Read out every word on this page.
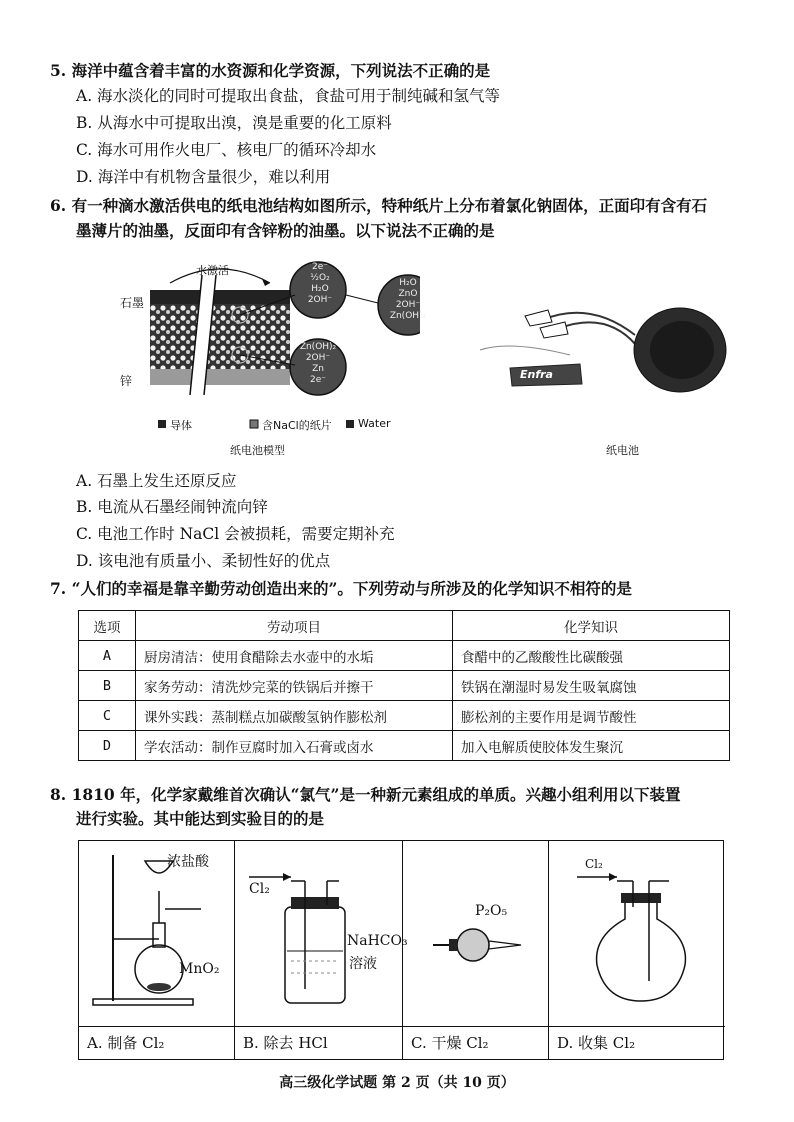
5. 海洋中蕴含着丰富的水资源和化学资源，下列说法不正确的是
A. 海水淡化的同时可提取出食盐，食盐可用于制纯碱和氢气等
B. 从海水中可提取出溴，溴是重要的化工原料
C. 海水可用作火电厂、核电厂的循环冷却水
D. 海洋中有机物含量很少，难以利用
6. 有一种滴水激活供电的纸电池结构如图所示，特种纸片上分布着氯化钠固体，正面印有含有石
墨薄片的油墨，反面印有含锌粉的油墨。以下说法不正确的是
水激活
石墨
锌
2e⁻
½O₂
H₂O
2OH⁻
H₂O
ZnO
2OH⁻
Zn(OH)₂
Zn(OH)₂
2OH⁻
Zn
2e⁻
导体	含NaCl的纸片 Water
纸电池模型
Enfra
纸电池
A. 石墨上发生还原反应
B. 电流从石墨经闹钟流向锌
C. 电池工作时 NaCl 会被损耗，需要定期补充
D. 该电池有质量小、柔韧性好的优点
7. “人们的幸福是靠辛勤劳动创造出来的”。下列劳动与所涉及的化学知识不相符的是
选项	劳动项目	化学知识
A	厨房清洁：使用食醋除去水壶中的水垢	食醋中的乙酸酸性比碳酸强
B	家务劳动：清洗炒完菜的铁锅后并擦干	铁锅在潮湿时易发生吸氧腐蚀
C	课外实践：蒸制糕点加碳酸氢钠作膨松剂	膨松剂的主要作用是调节酸性
D	学农活动：制作豆腐时加入石膏或卤水	加入电解质使胶体发生聚沉
8. 1810 年，化学家戴维首次确认“氯气”是一种新元素组成的单质。兴趣小组利用以下装置
进行实验。其中能达到实验目的的是
浓盐酸
MnO₂
A. 制备 Cl₂
Cl₂
NaHCO₃
溶液
B. 除去 HCl
P₂O₅
C. 干燥 Cl₂
Cl₂
D. 收集 Cl₂
高三级化学试题 第 2 页（共 10 页）
